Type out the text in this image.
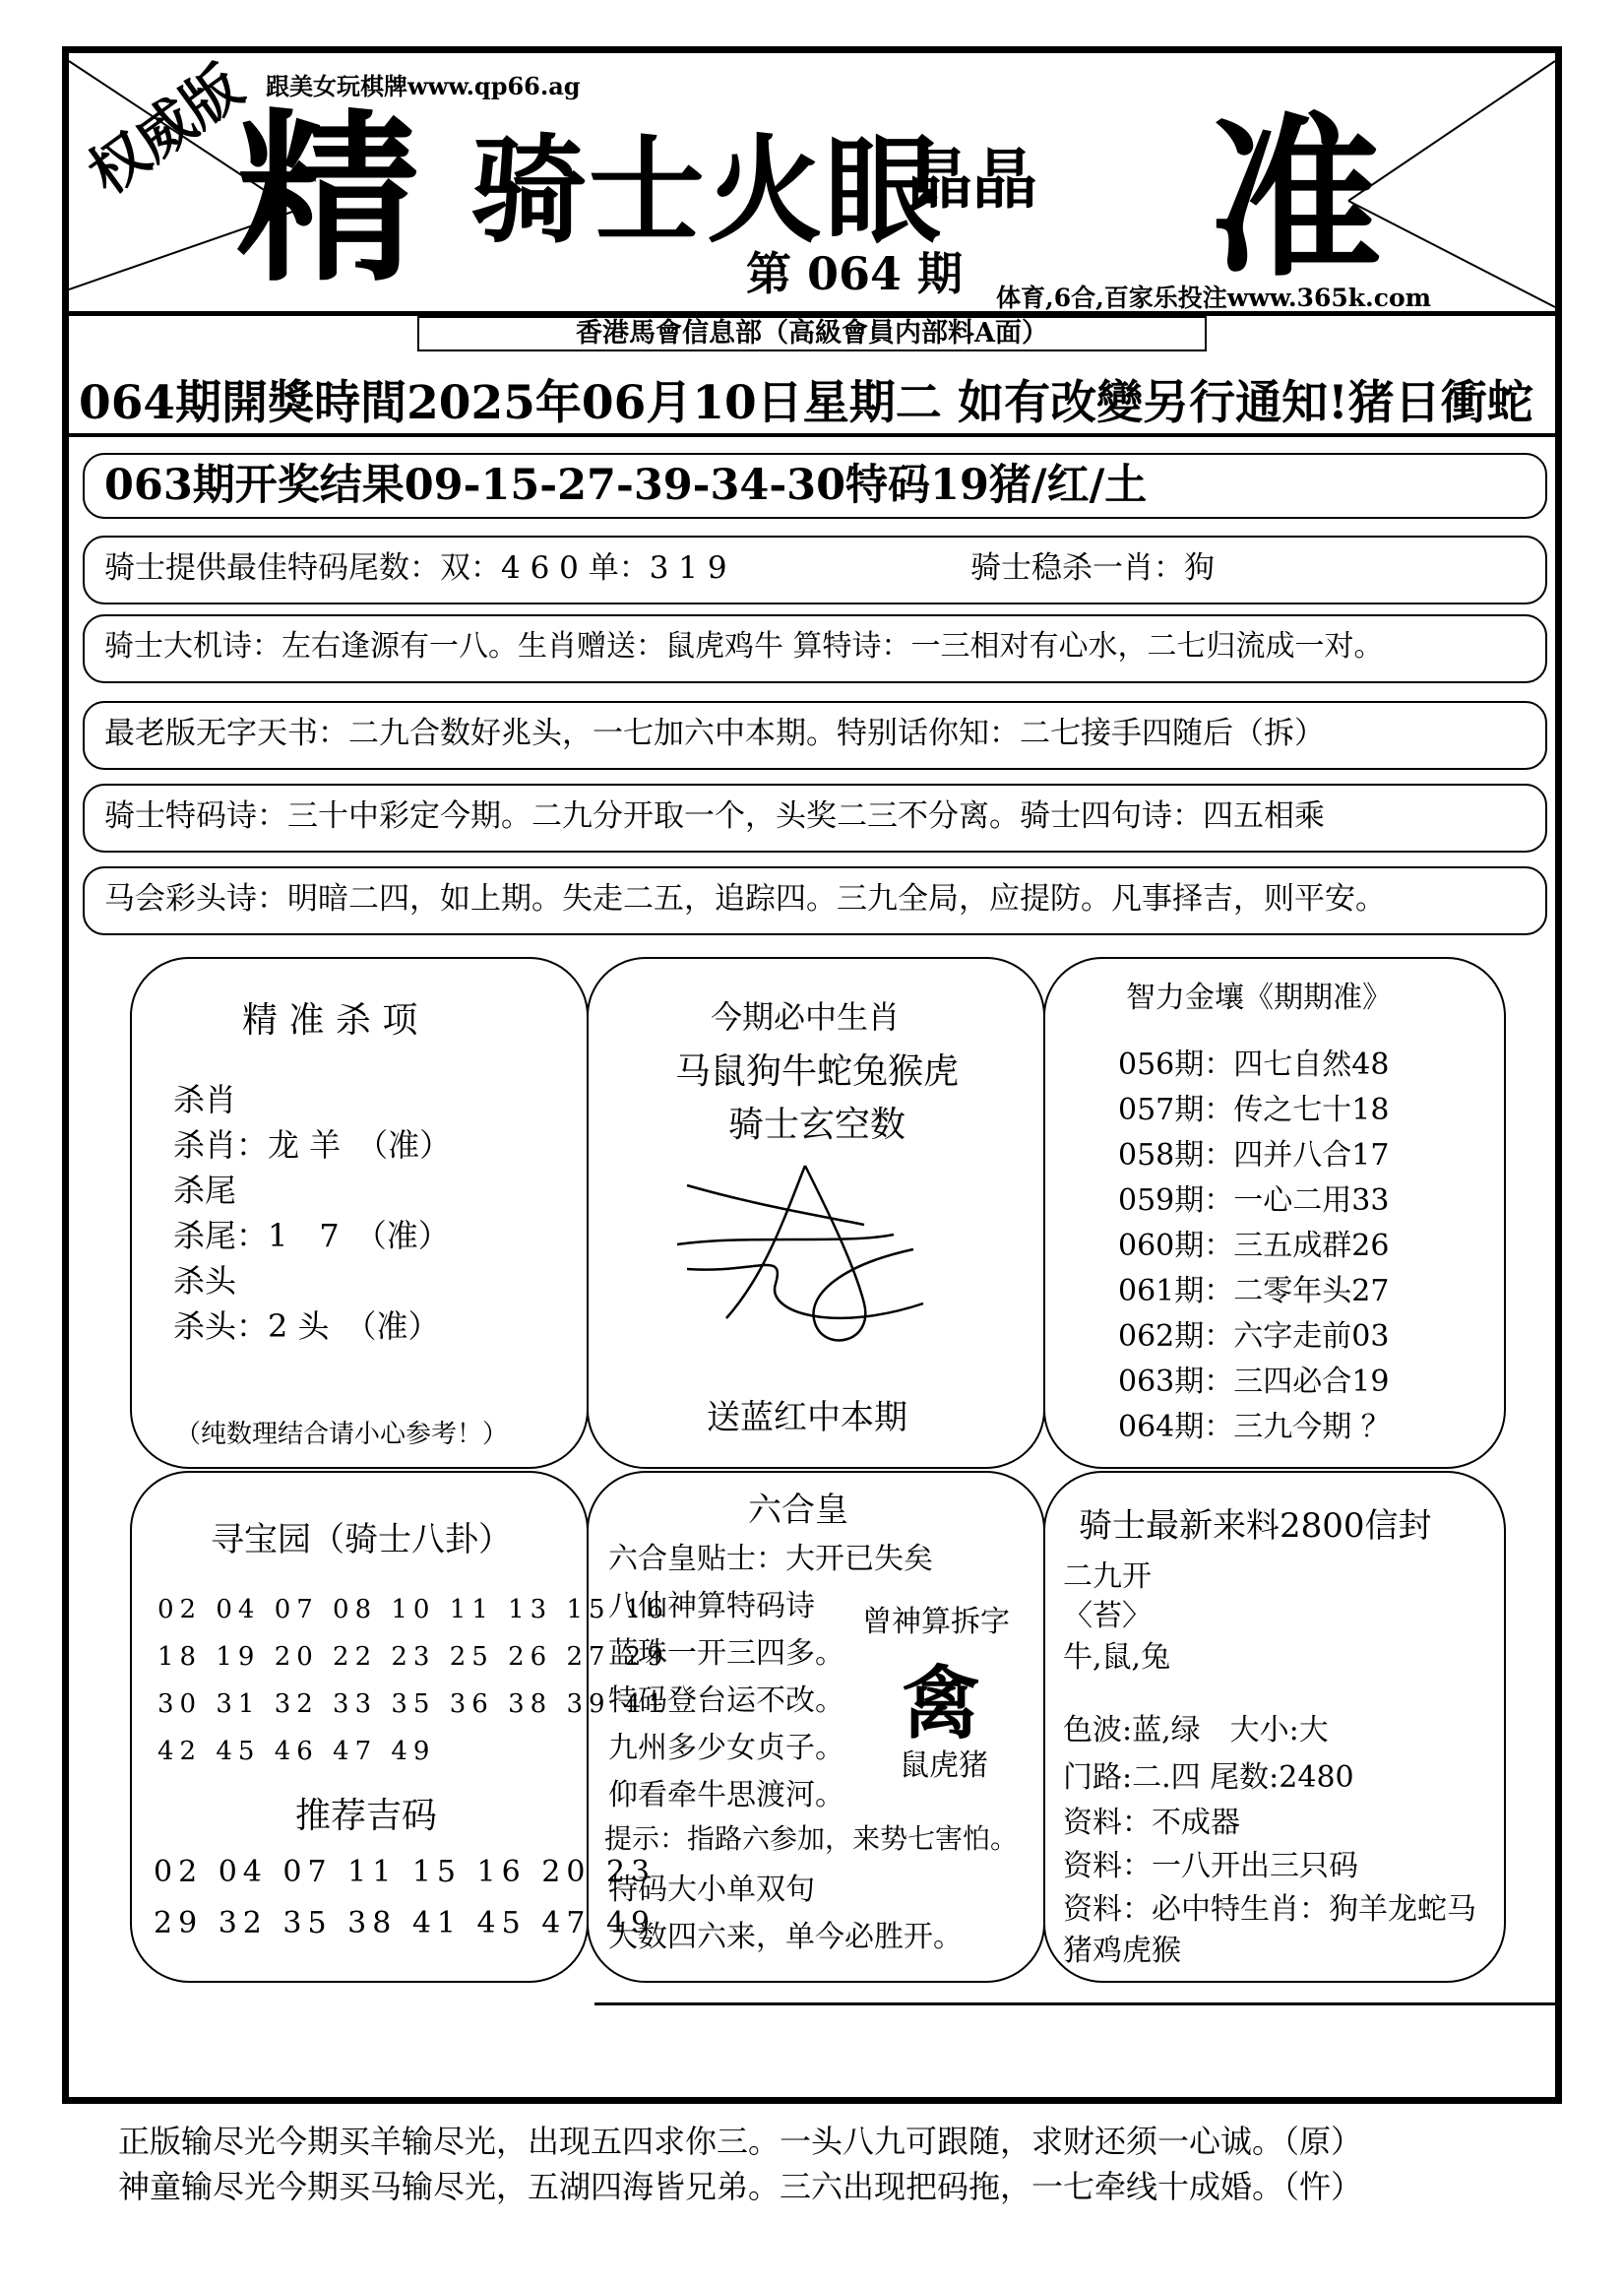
跟美女玩棋牌www.qp66.ag
权威版
精 骑士火眼
晶晶 准
第 064 期 体育,6合,百家乐投注www.365k.com
香港馬會信息部（高級會員内部料A面）
064期開獎時間2025年06月10日星期二 如有改變另行通知!猪日衝蛇
063期开奖结果09-15-27-39-34-30特码19猪/红/土
骑士提供最佳特码尾数：双：4 6 0 单：3 1 9	骑士稳杀一肖：狗
骑士大机诗：左右逢源有一八。生肖赠送：鼠虎鸡牛 算特诗：一三相对有心水，二七归流成一对。
最老版无字天书：二九合数好兆头，一七加六中本期。特别话你知：二七接手四随后（拆）
骑士特码诗：三十中彩定今期。二九分开取一个，头奖二三不分离。骑士四句诗：四五相乘
马会彩头诗：明暗二四，如上期。失走二五，追踪四。三九全局，应提防。凡事择吉，则平安。
精 准 杀 项
杀肖
杀肖：龙 羊　（准）
杀尾
杀尾：1　7　（准）
杀头
杀头：2 头　（准）
（纯数理结合请小心参考！）
今期必中生肖
马鼠狗牛蛇兔猴虎
骑士玄空数
送蓝红中本期
智力金壤《期期准》
056期：四七自然48
057期：传之七十18
058期：四并八合17
059期：一心二用33
060期：三五成群26
061期：二零年头27
062期：六字走前03
063期：三四必合19
064期：三九今期 ？
寻宝园（骑士八卦）
02 04 07 08 10 11 13 15 16
18 19 20 22 23 25 26 27 29
30 31 32 33 35 36 38 39 41
42 45 46 47 49
推荐吉码
02 04 07 11 15 16 20 23
29 32 35 38 41 45 47 49
六合皇
六合皇贴士：大开已失矣
八仙神算特码诗
蓝珠一开三四多。
特码登台运不改。
九州多少女贞子。
仰看牵牛思渡河。
提示：指路六参加，来势七害怕。
特码大小单双句
大数四六来，单今必胜开。
曾神算拆字
禽
鼠虎猪
骑士最新来料2800信封
二九开
〈苔〉
牛,鼠,兔
色波:蓝,绿　大小:大
门路:二.四 尾数:2480
资料：不成器
资料：一八开出三只码
资料：必中特生肖：狗羊龙蛇马
猪鸡虎猴
正版输尽光今期买羊输尽光，出现五四求你三。一头八九可跟随，求财还须一心诚。（原）
神童输尽光今期买马输尽光，五湖四海皆兄弟。三六出现把码拖，一七牵线十成婚。（忤）
